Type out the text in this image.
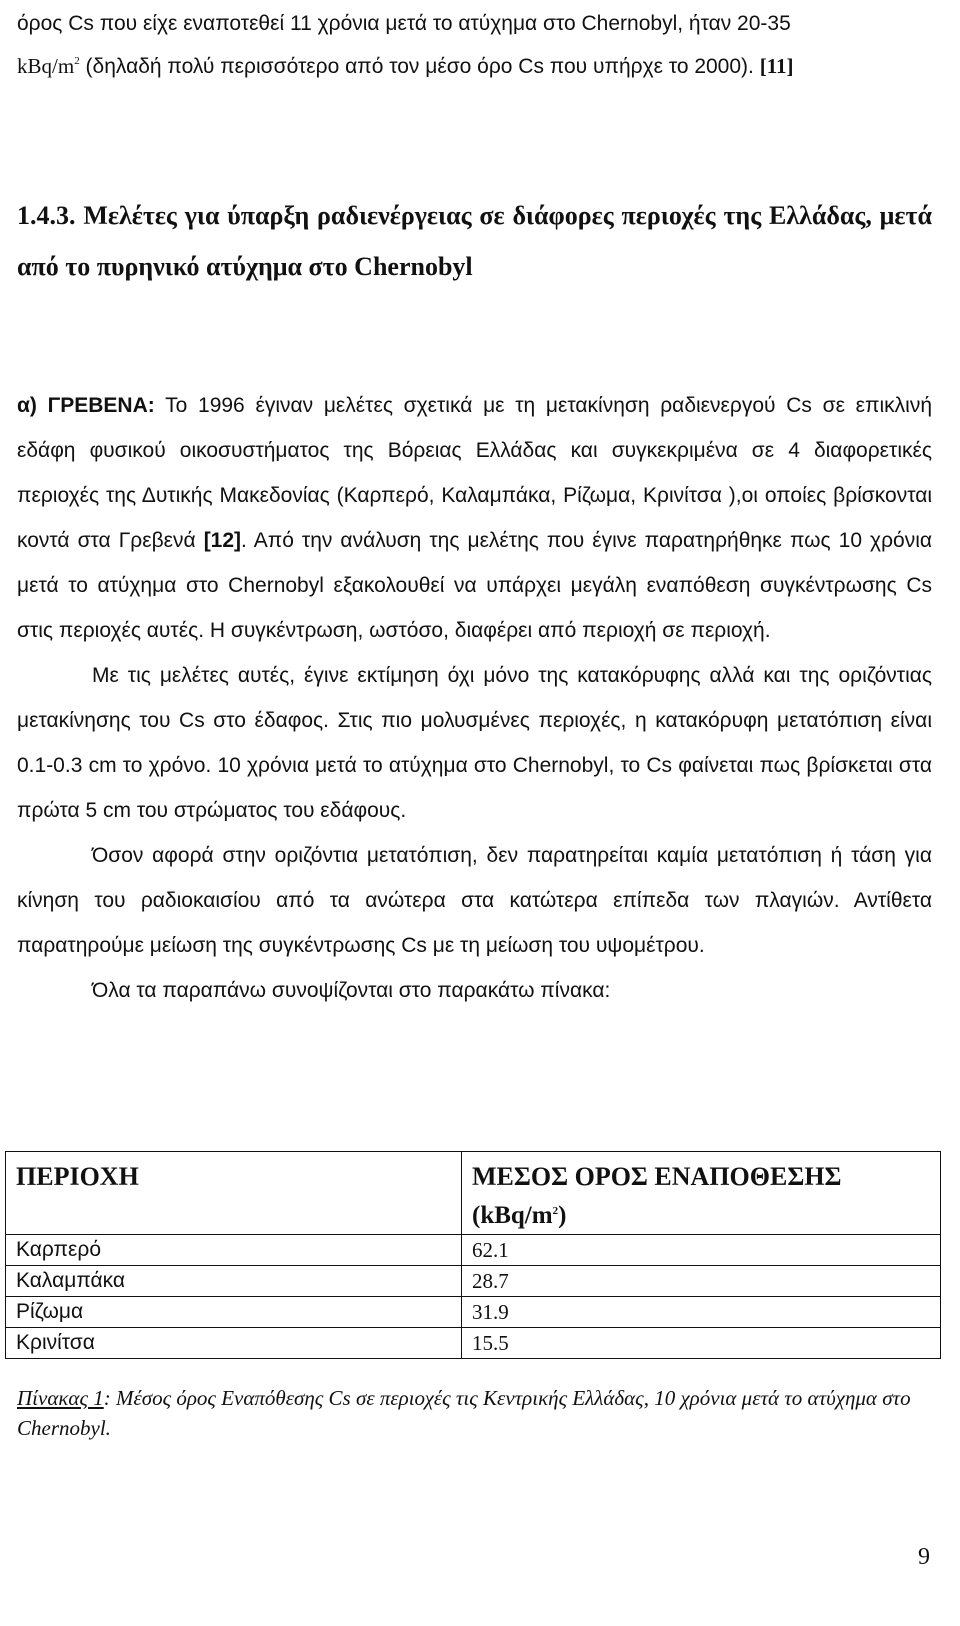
όρος Cs που είχε εναποτεθεί 11 χρόνια μετά το ατύχημα στο Chernobyl, ήταν 20-35
kBq/$m^2$ (δηλαδή πολύ περισσότερο από τον μέσο όρο Cs που υπήρχε το 2000). [11]
1.4.3. Μελέτες για ύπαρξη ραδιενέργειας σε διάφορες περιοχές της Ελλάδας, μετά από το πυρηνικό ατύχημα στο Chernobyl

α) ΓΡΕΒΕΝΑ: Το 1996 έγιναν μελέτες σχετικά με τη μετακίνηση ραδιενεργού Cs σε επικλινή εδάφη φυσικού οικοσυστήματος της Βόρειας Ελλάδας και συγκεκριμένα σε 4 διαφορετικές περιοχές της Δυτικής Μακεδονίας (Καρπερό, Καλαμπάκα, Ρίζωμα, Κρινίτσα ),οι οποίες βρίσκονται κοντά στα Γρεβενά [12]. Από την ανάλυση της μελέτης που έγινε παρατηρήθηκε πως 10 χρόνια μετά το ατύχημα στο Chernobyl εξακολουθεί να υπάρχει μεγάλη εναπόθεση συγκέντρωσης Cs στις περιοχές αυτές. Η συγκέντρωση, ωστόσο, διαφέρει από περιοχή σε περιοχή.

Με τις μελέτες αυτές, έγινε εκτίμηση όχι μόνο της κατακόρυφης αλλά και της οριζόντιας μετακίνησης του Cs στο έδαφος. Στις πιο μολυσμένες περιοχές, η κατακόρυφη μετατόπιση είναι 0.1-0.3 cm το χρόνο. 10 χρόνια μετά το ατύχημα στο Chernobyl, το Cs φαίνεται πως βρίσκεται στα πρώτα 5 cm του στρώματος του εδάφους.

Όσον αφορά στην οριζόντια μετατόπιση, δεν παρατηρείται καμία μετατόπιση ή τάση για κίνηση του ραδιοκαισίου από τα ανώτερα στα κατώτερα επίπεδα των πλαγιών. Αντίθετα παρατηρούμε μείωση της συγκέντρωσης Cs με τη μείωση του υψομέτρου.

Όλα τα παραπάνω συνοψίζονται στο παρακάτω πίνακα:

ΠΕΡΙΟΧΗ	ΜΕΣΟΣ ΟΡΟΣ ΕΝΑΠΟΘΕΣΗΣ
$(kBq/m^2)$

Καρπερό	62.1
Καλαμπάκα	28.7
Ρίζωμα	31.9
Κρινίτσα	15.5
Πίνακας 1: Μέσος όρος Εναπόθεσης Cs σε περιοχές τις Κεντρικής Ελλάδας, 10 χρόνια μετά το ατύχημα στο Chernobyl.
9
